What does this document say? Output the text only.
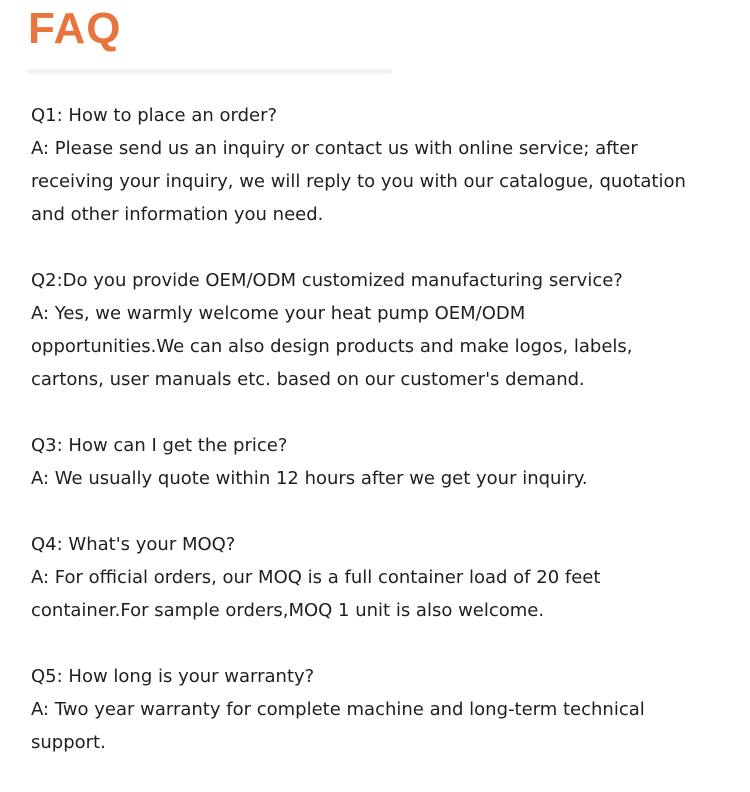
FAQ

Q1: How to place an order?

A: Please send us an inquiry or contact us with online service; after receiving your inquiry, we will reply to you with our catalogue, quotation and other information you need.

Q2:Do you provide OEM/ODM customized manufacturing service?

A: Yes, we warmly welcome your heat pump OEM/ODM opportunities.We can also design products and make logos, labels, cartons, user manuals etc. based on our customer's demand.

Q3: How can I get the price?

A: We usually quote within 12 hours after we get your inquiry.

Q4: What's your MOQ?

A: For official orders, our MOQ is a full container load of 20 feet container.For sample orders,MOQ 1 unit is also welcome.

Q5: How long is your warranty?

A: Two year warranty for complete machine and long-term technical support.
